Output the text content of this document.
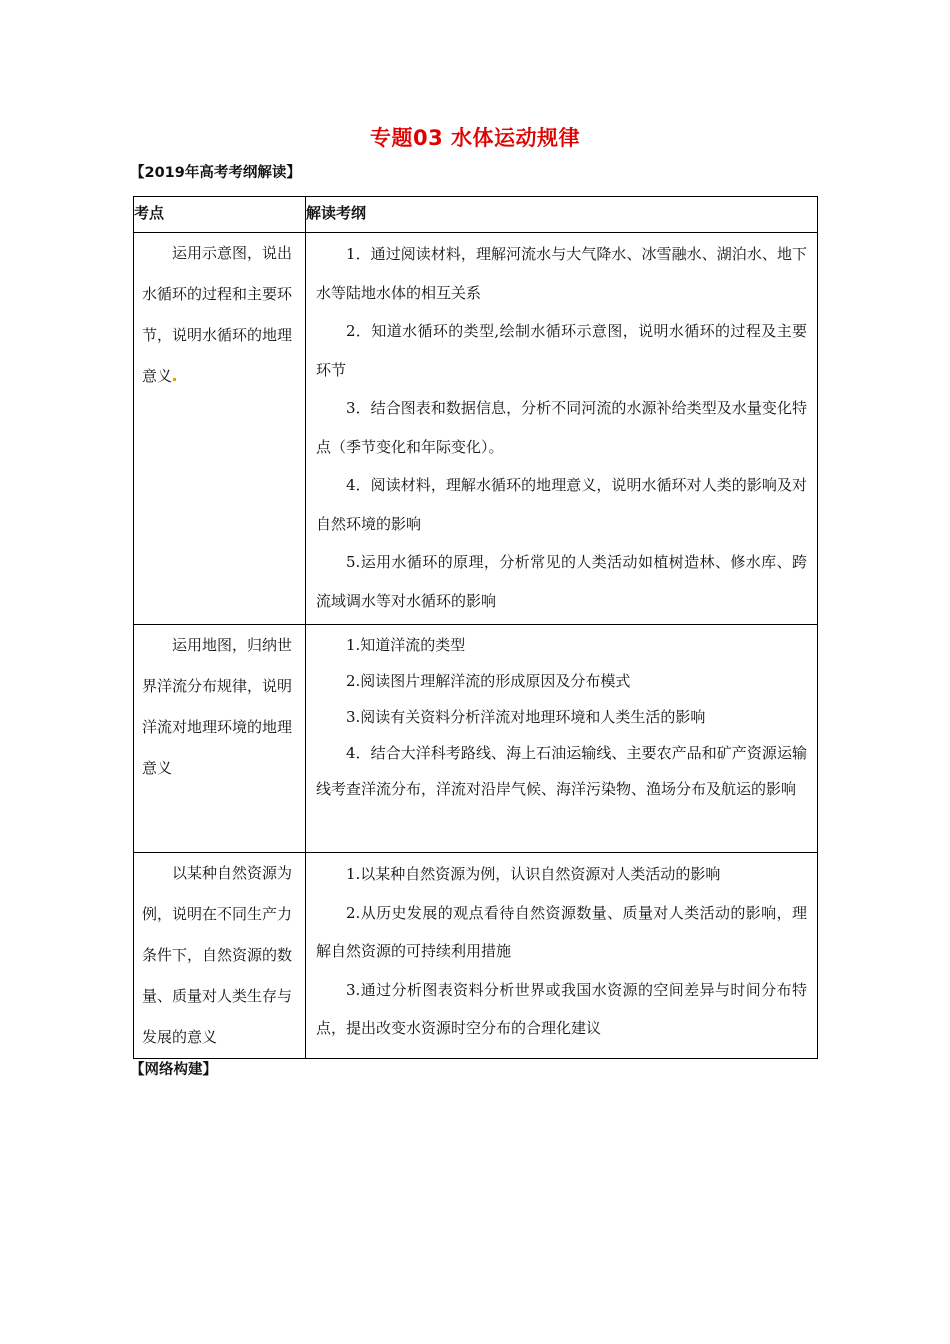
专题03 水体运动规律
【2019年高考考纲解读】
考点	解读考纲
运用示意图，说出水循环的过程和主要环节，说明水循环的地理意义	1．通过阅读材料，理解河流水与大气降水、冰雪融水、湖泊水、地下水等陆地水体的相互关系

2．知道水循环的类型,绘制水循环示意图，说明水循环的过程及主要环节

3．结合图表和数据信息，分析不同河流的水源补给类型及水量变化特点（季节变化和年际变化）。

4．阅读材料，理解水循环的地理意义，说明水循环对人类的影响及对自然环境的影响

5.运用水循环的原理，分析常见的人类活动如植树造林、修水库、跨流域调水等对水循环的影响

运用地图，归纳世界洋流分布规律，说明洋流对地理环境的地理意义	1.知道洋流的类型

2.阅读图片理解洋流的形成原因及分布模式

3.阅读有关资料分析洋流对地理环境和人类生活的影响

4．结合大洋科考路线、海上石油运输线、主要农产品和矿产资源运输线考查洋流分布，洋流对沿岸气候、海洋污染物、渔场分布及航运的影响

以某种自然资源为例，说明在不同生产力条件下，自然资源的数量、质量对人类生存与发展的意义	1.以某种自然资源为例，认识自然资源对人类活动的影响

2.从历史发展的观点看待自然资源数量、质量对人类活动的影响，理解自然资源的可持续利用措施

3.通过分析图表资料分析世界或我国水资源的空间差异与时间分布特点，提出改变水资源时空分布的合理化建议

【网络构建】
